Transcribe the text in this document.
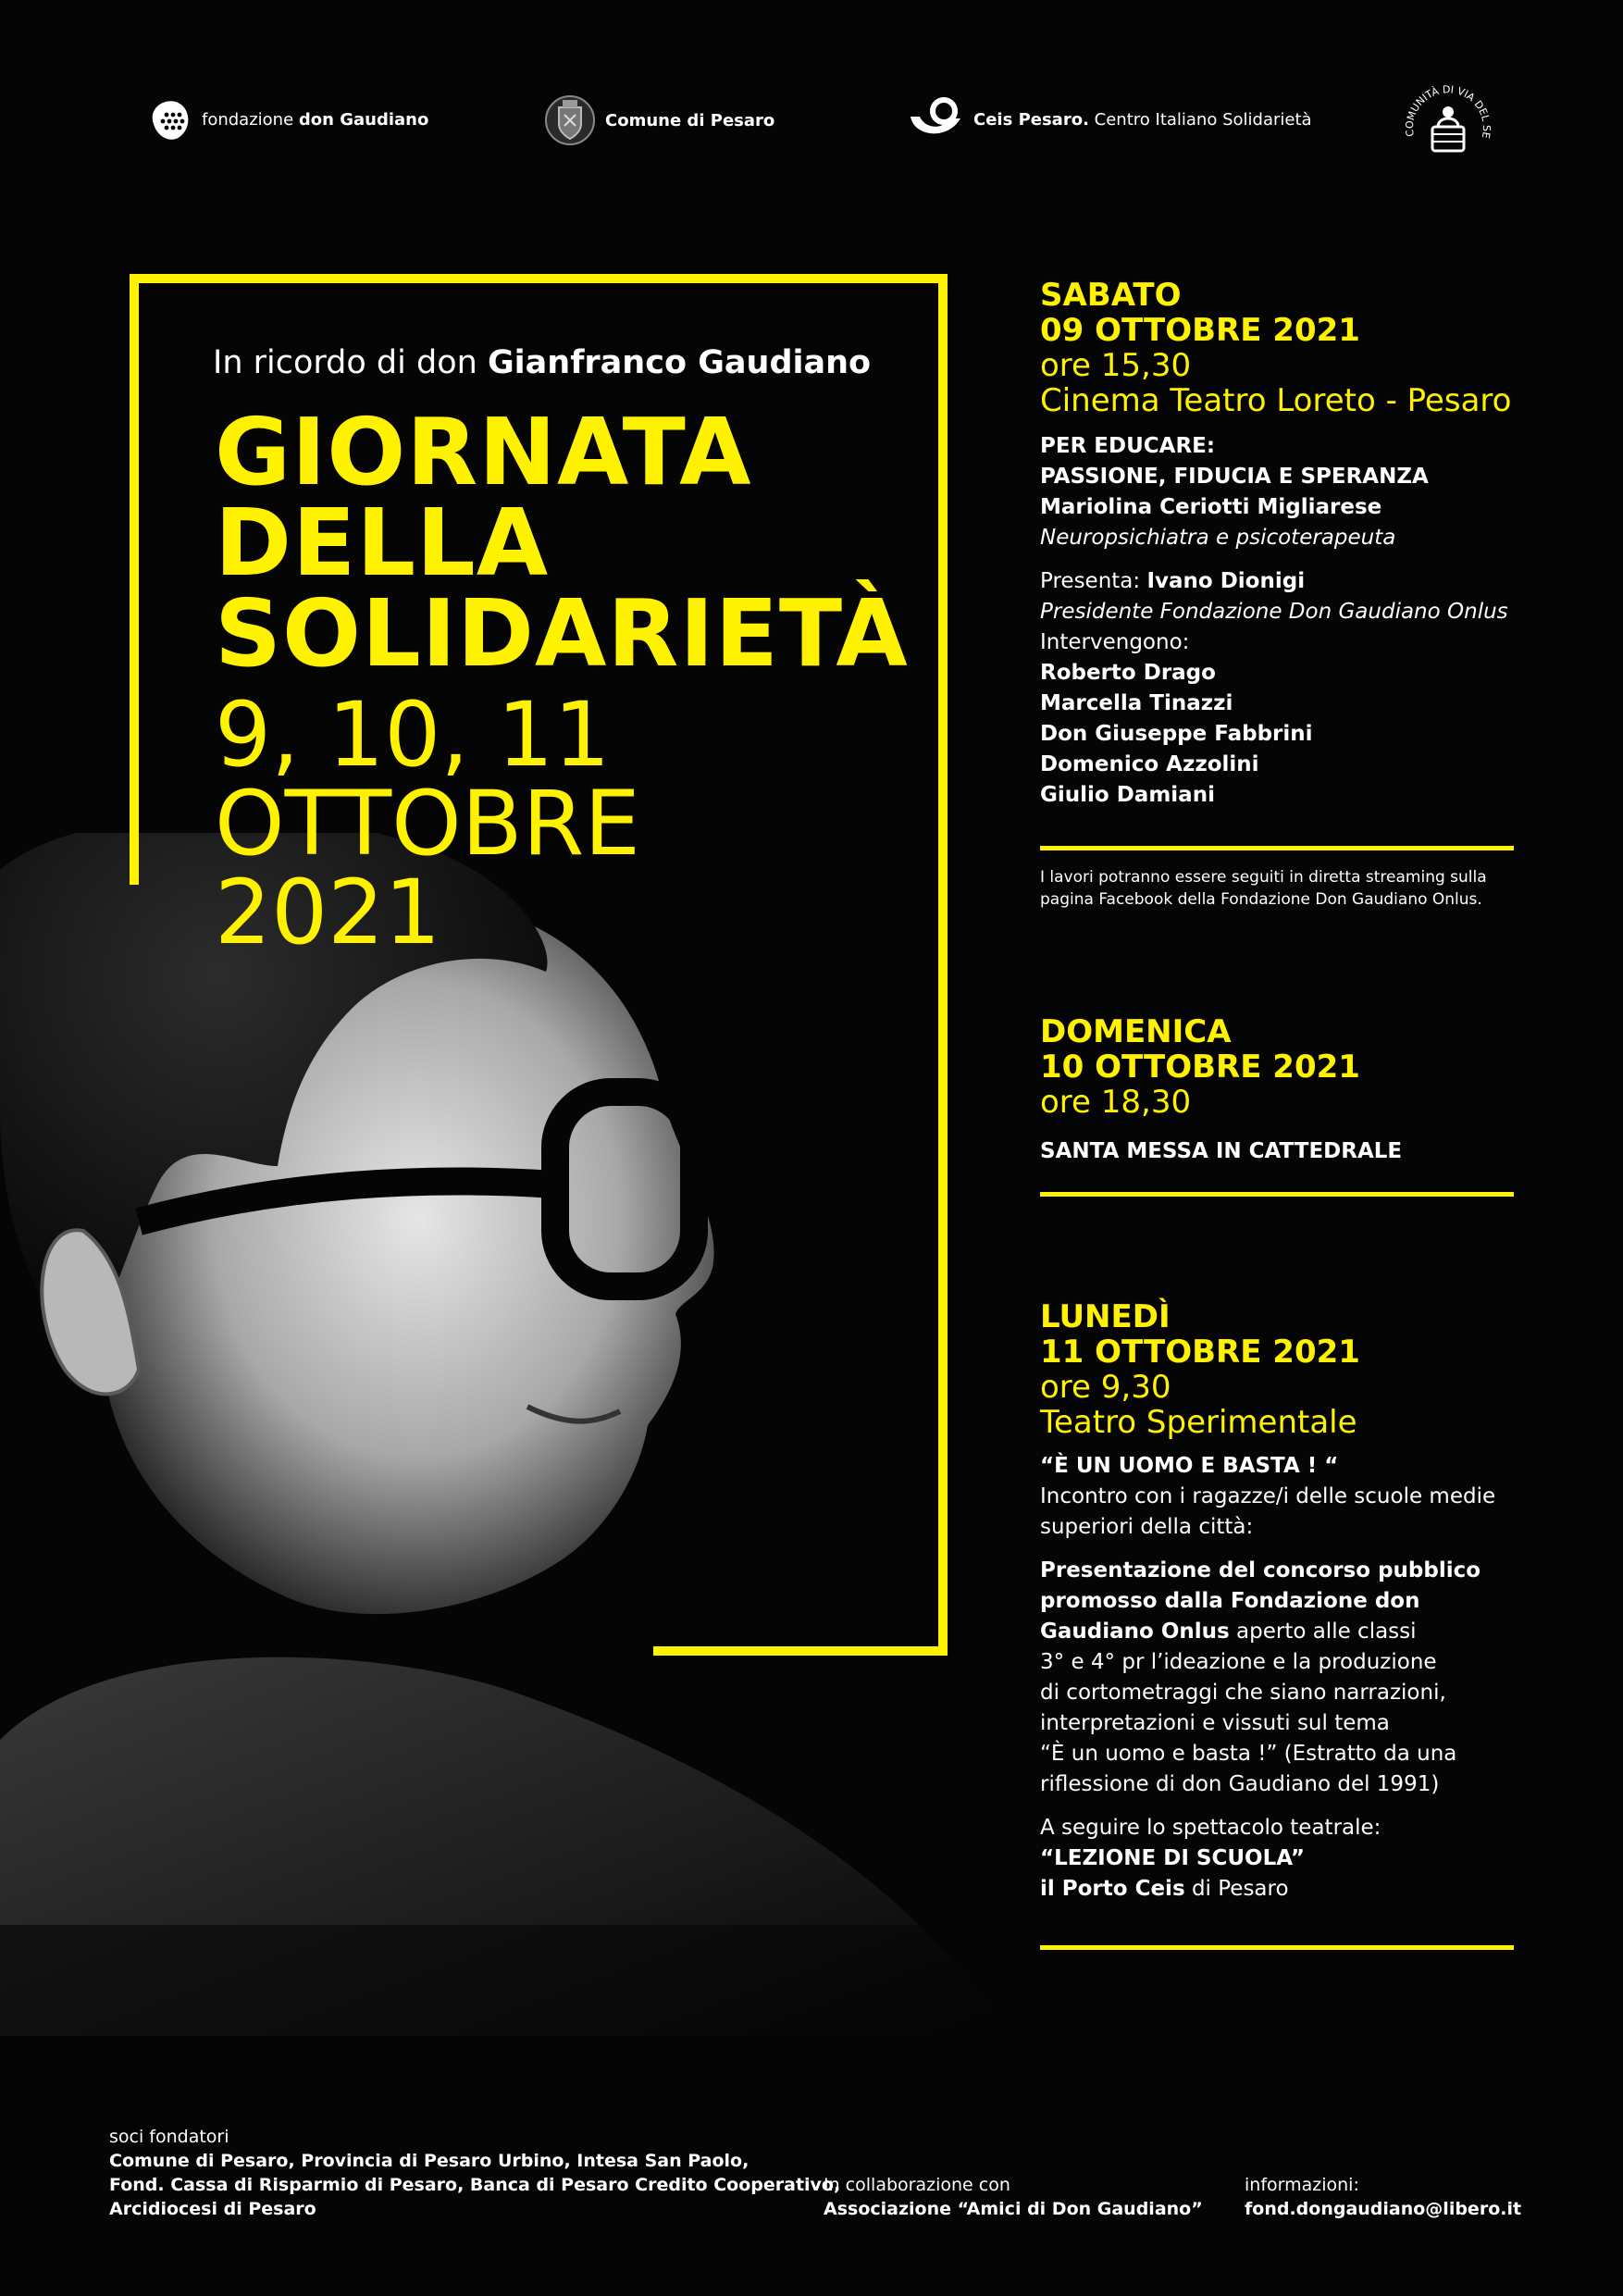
fondazione don Gaudiano	Comune di Pesaro	Ceis Pesaro. Centro Italiano Solidarietà
COMUNITÀ DI VIA DEL SE
In ricordo di don Gianfranco Gaudiano
GIORNATA
DELLA
SOLIDARIETÀ
9, 10, 11
OTTOBRE
2021
SABATO
09 OTTOBRE 2021
ore 15,30
Cinema Teatro Loreto - Pesaro
PER EDUCARE:
PASSIONE, FIDUCIA E SPERANZA
Mariolina Ceriotti Migliarese
Neuropsichiatra e psicoterapeuta
Presenta: Ivano Dionigi
Presidente Fondazione Don Gaudiano Onlus
Intervengono:
Roberto Drago
Marcella Tinazzi
Don Giuseppe Fabbrini
Domenico Azzolini
Giulio Damiani
I lavori potranno essere seguiti in diretta streaming sulla
pagina Facebook della Fondazione Don Gaudiano Onlus.
DOMENICA
10 OTTOBRE 2021
ore 18,30
SANTA MESSA IN CATTEDRALE
LUNEDÌ
11 OTTOBRE 2021
ore 9,30
Teatro Sperimentale
“È UN UOMO E BASTA ! “
Incontro con i ragazze/i delle scuole medie
superiori della città:
Presentazione del concorso pubblico
promosso dalla Fondazione don
Gaudiano Onlus aperto alle classi
3° e 4° pr l’ideazione e la produzione
di cortometraggi che siano narrazioni,
interpretazioni e vissuti sul tema
“È un uomo e basta !” (Estratto da una
riflessione di don Gaudiano del 1991)
A seguire lo spettacolo teatrale:
“LEZIONE DI SCUOLA”
il Porto Ceis di Pesaro
soci fondatori
Comune di Pesaro, Provincia di Pesaro Urbino, Intesa San Paolo,
Fond. Cassa di Risparmio di Pesaro, Banca di Pesaro Credito Cooperativo,
Arcidiocesi di Pesaro
In collaborazione con
Associazione “Amici di Don Gaudiano”
informazioni:
fond.dongaudiano@libero.it
